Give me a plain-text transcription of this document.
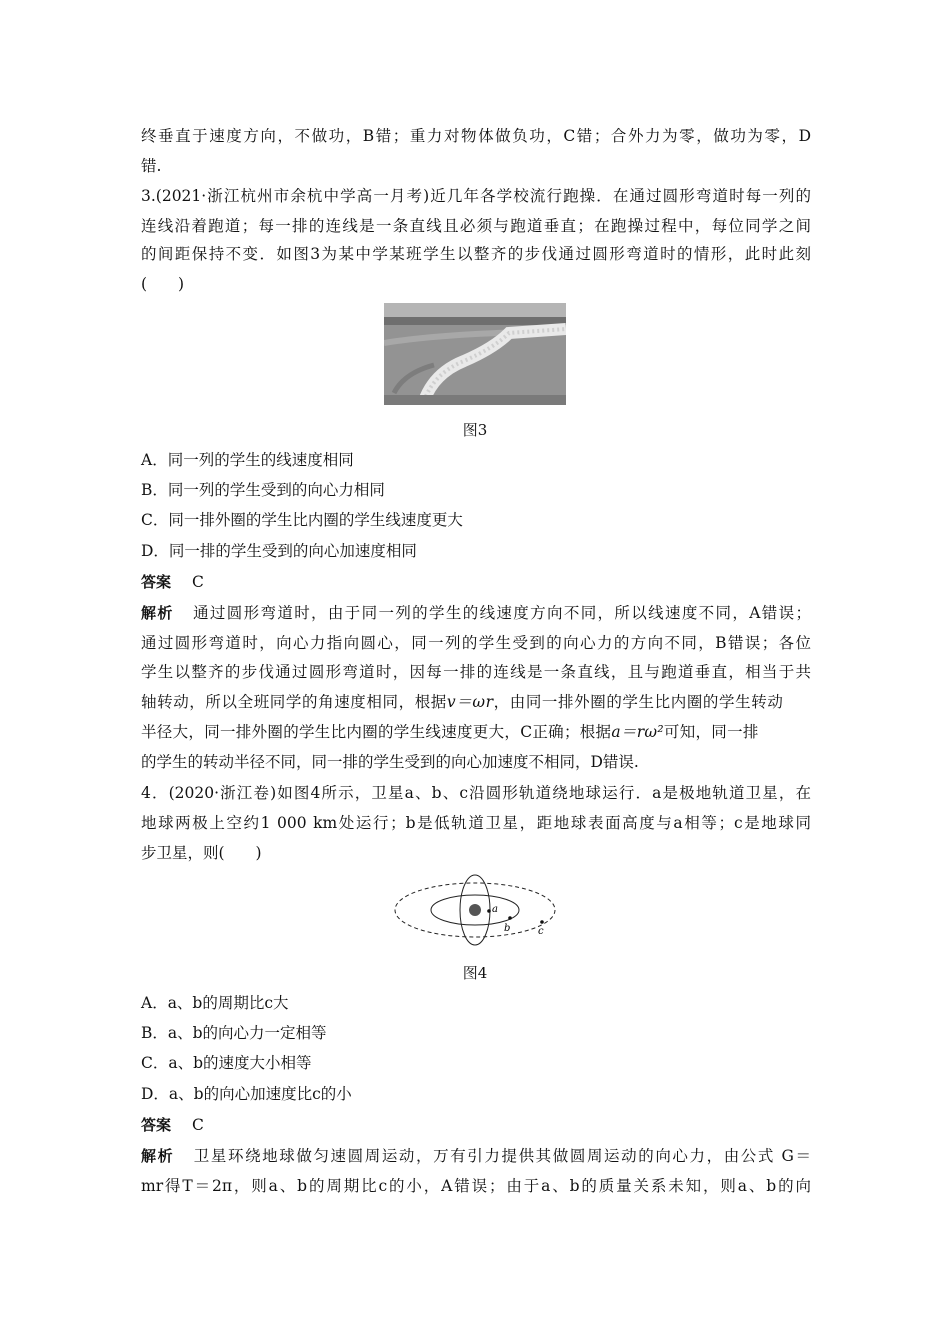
终垂直于速度方向，不做功，B错；重力对物体做负功，C错；合外力为零，做功为零，D
错.
3.(2021·浙江杭州市余杭中学高一月考)近几年各学校流行跑操．在通过圆形弯道时每一列的
连线沿着跑道；每一排的连线是一条直线且必须与跑道垂直；在跑操过程中，每位同学之间
的间距保持不变．如图3为某中学某班学生以整齐的步伐通过圆形弯道时的情形，此时此刻
(　　)
图3
A．同一列的学生的线速度相同
B．同一列的学生受到的向心力相同
C．同一排外圈的学生比内圈的学生线速度更大
D．同一排的学生受到的向心加速度相同
答案 C
解析 通过圆形弯道时，由于同一列的学生的线速度方向不同，所以线速度不同，A错误；
通过圆形弯道时，向心力指向圆心，同一列的学生受到的向心力的方向不同，B错误；各位
学生以整齐的步伐通过圆形弯道时，因每一排的连线是一条直线，且与跑道垂直，相当于共
轴转动，所以全班同学的角速度相同，根据v＝ωr，由同一排外圈的学生比内圈的学生转动
半径大，同一排外圈的学生比内圈的学生线速度更大，C正确；根据a＝rω²可知，同一排
的学生的转动半径不同，同一排的学生受到的向心加速度不相同，D错误.
4．(2020·浙江卷)如图4所示，卫星a、b、c沿圆形轨道绕地球运行．a是极地轨道卫星，在
地球两极上空约1 000 km处运行；b是低轨道卫星，距地球表面高度与a相等；c是地球同
步卫星，则(　　)
a
b	c
图4
A．a、b的周期比c大
B．a、b的向心力一定相等
C．a、b的速度大小相等
D．a、b的向心加速度比c的小
答案 C
解析 卫星环绕地球做匀速圆周运动，万有引力提供其做圆周运动的向心力，由公式 G＝
mr得T＝2π，则a、b的周期比c的小，A错误；由于a、b的质量关系未知，则a、b的向
